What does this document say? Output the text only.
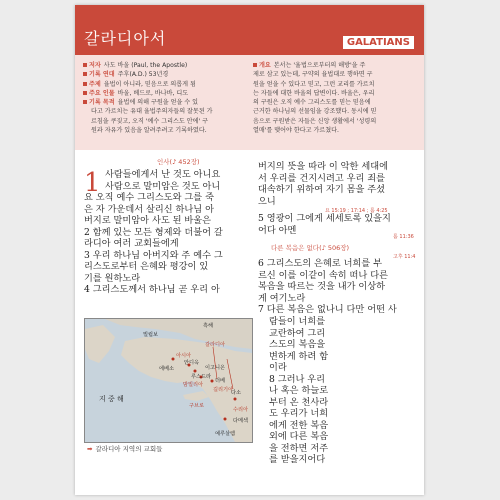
갈라디아서	GALATIANS
저자 사도 바울 (Paul, the Apostle)
기록 연대 주후(A.D.) 53년경
주제 율법이 아니라, 믿음으로 의롭게 됨
주요 인물 바울, 베드로, 바나바, 디도
기록 목적 율법에 의해 구원을 얻을 수 있
다고 가르치는 유대 율법주의자들의 잘못된 가
르침을 쿠짖고, 오직 '예수 그리스도 안에' 구
원과 자유가 있음을 알려주려고 기록하였다.
개요 본서는 '율법으로부터의 해방'을 주
제로 삼고 있는데, 구약의 율법대로 행하면 구
원을 얻을 수 있다고 믿고, 그런 교리를 가르치
는 자들에 대한 바울의 답변이다. 바울은, 우리
의 구원은 오직 예수 그리스도를 믿는 믿음에
근거한 하나님의 선물임을 강조했다. 동시에 믿
음으로 구원받은 자들은 신앙 생활에서 '성령의
열매'를 맺어야 한다고 가르쳤다.
인사(♪ 452장)
1 사람들에게서 난 것도 아니요
사람으로 말미암은 것도 아니
요 오직 예수 그리스도와 그를 죽
은 자 가운데서 살리신 하나님 아
버지로 말미암아 사도 된 바울은
2 함께 있는 모든 형제와 더불어 갈
라디아 여러 교회들에게
3 우리 하나님 아버지와 주 예수 그
리스도로부터 은혜와 평강이 있
기를 원하노라
4 그리스도께서 하나님 곧 우리 아
버지의 뜻을 따라 이 악한 세대에
서 우리를 건지시려고 우리 죄를
대속하기 위하여 자기 몸을 주셨
으니
요 15:19 ; 17:14 ; 롬 4:25
5 영광이 그에게 세세토록 있을지
어다 아멘
롬 11:36
다른 복음은 없다(♪ 506장)
고후 11:4
6 그리스도의 은혜로 너희를 부
르신 이를 이같이 속히 떠나 다른
복음을 따르는 것을 내가 이상하
게 여기노라
7 다른 복음은 없나니 다만 어떤 사
람들이 너희를
교란하여 그리
스도의 복음을
변하게 하려 함
이라
8 그러나 우리
나 혹은 하늘로
부터 온 천사라
도 우리가 너희
에게 전한 복음
외에 다른 복음
을 전하면 저주
를 받을지어다
흑해
지 중 해
갈라디아
아시아
안디옥
이고니온
루스드라
더베
밤빌리아
길리기아
다소
구브로
수리아
다메섹
예루살렘
빌립보
에베소
➡ 갈라디아 지역의 교회들
